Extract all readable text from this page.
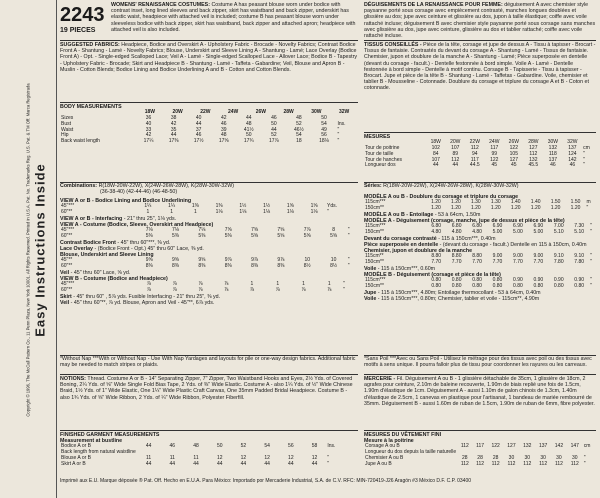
Copyright © 1996, The McCall Pattern Co., 11 Penn Plaza, New York 10001. All Rights Reserved. Printed in U.S.A. Pat. No. Trademarks Reg. U.S. Pat. & TM Off. Marca Registrada Easy Instructions Inside
2243
19 PIECES
WOMENS' RENAISSANCE COSTUMES: Costume A has peasant blouse worn under bodice with contrast inset, long lined sleeves and back zipper, skirt has waistband and back zipper, underskirt has elastic waist, headpiece with attached veil is included; costume B has peasant blouse worn under sleeveless bodice with back zipper, skirt has waistband, back zipper and attached apron; headpiece with attached veil is also included.
SUGGESTED FABRICS: Headpiece, Bodice and Overskirt A - Upholstery Fabric - Brocade - Novelty Fabrics; Contrast Bodice Front A - Shantung - Lamé - Novelty Fabrics; Blouse, Underskirt and Sleeve Lining A - Shantung - Lamé; Lace Overlay (Bodice Front A) - Opt. - Single-edged Scalloped Lace; Veil A - Lamé - Single-edged Scalloped Lace - Allover Lace; Bodice B - Tapestry - Upholstery Fabric - Brocade; Skirt and Headpiece B - Shantung - Lamé - Taffeta - Gabardine; Veil, Blouse and Apron B - Muslin - Cotton Blends; Bodice Lining and Bodice Underlining A and B - Cotton and Cotton Blends.
BODY MEASUREMENTS
	18W	20W	22W	24W	26W	28W	30W	32W
Sizes	36	38	40	42	44	46	48	50	
Bust	40	42	44	46	48	50	52	54	Ins.
Waist	33	35	37	39	41½	44	46½	49	"
Hip	42	44	46	48	50	52	54	56	"
Back waist length	17¼	17⅜	17½	17⅝	17¾	17⅞	18	18⅛	"
Combinations: R(18W-20W-22W), X(24W-26W-28W), K(28W-30W-32W)
(36-38-40) (42-44-46) (46-48-50)
VIEW A or B - Bodice Lining and Bodice Underlining
45"***	1¼	1¼	1⅜	1⅜	1½	1½	1⅝	1⅝	Yds.
60"**	1	1	1	1⅛	1⅛	1⅛	1⅛	1⅛	"
VIEW A or B - Interfacing - 21" thru 25", 1⅛ yds.
VIEW A - Costume (Bodice, Sleeve, Overskirt and Headpiece)
45"***	7⅛	7⅛	7⅛	7⅝	7⅝	7⅝	7⅞	8	"
60"**	5⅜	5⅜	5⅜	5⅜	5⅝	5⅝	5⅝	5⅝	"
Contrast Bodice Front - 45" thru 60"***, ⅜ yd.
Lace Overlay - (Bodice Front - Opt.) 45" thru 60" Lace, ⅜ yd.
Blouse, Underskirt and Sleeve Lining
45"**	9⅝	9⅝	9⅝	9⅞	9⅞	9⅞	10	10	"
60"**	8⅜	8⅜	8⅜	8⅜	8⅜	8⅜	8½	8½	"
Veil - 45" thru 60" Lace, ⅝ yd.
VIEW B - Costume (Bodice and Headpiece)
45"***	⅞	⅞	⅞	⅞	1	1	1	1	"
60"**	⅞	⅞	⅞	⅞	⅞	⅞	⅞	⅞	"
Skirt - 45" thru 60" , 5⅞ yds. Fusible Interfacing - 21" thru 25", ⅜ yd.
Veil - 45" thru 60"**, ⅞ yd. Blouse, Apron and Veil - 45"**, 6⅞ yds.
*Without Nap ***With or Without Nap - Use With Nap Yardages and layouts for pile or one-way design fabrics. Additional fabric may be needed to match stripes or plaids.
NOTIONS: Thread. Costume A or B - 14" Separating Zipper, 7" Zipper, Two Waistband Hooks and Eyes, 2½ Yds. of Covered Boning, 2¼ Yds. of ⅝" Wide Single Fold Bias Tape, 2 Yds. of ⅜" Wide Elastic. Costume A - also 1¼ Yds. of ½" Wide Chinese Braid, 1½ Yds. of 1" Wide Elastic, One 1¼" Wide Plastic Craft Canvas, One 35mm Padded Bridal Headpiece. Costume B - also 1¾ Yds. of ⅝" Wide Ribbon, 2 Yds. of ¼" Wide Ribbon, Polyester Fiberfill.
FINISHED GARMENT MEASUREMENTS
Measurement at bustline
Bodice A or B	44	46	48	50	52	54	56	58	Ins.
Back length from natural waistline									
Blouse A or B	11	11	11	12	12	12	12	12	"
Skirt A or B	44	44	44	44	44	44	44	44	"
DÉGUISEMENTS DE LA RENAISSANCE POUR FEMME: déguisement A avec chemisier style paysanne porté sous corsage avec empiècement contrasté, manches longues doublées et glissière au dos; jupe avec ceinture et glissière au dos, jupon à taille élastique; coiffe avec voile rattaché incluse; déguisement B avec chemisier style paysanne porté sous corsage sans manches avec glissière au dos, jupe avec ceinture, glissière au dos et tablier rattaché; coiffe avec voile rattaché incluse.
TISSUS CONSEILLÉS - Pièce de la tête, corsage et jupe de dessus A - Tissu à tapisser - Brocart - Tissus de fantaisie. Contrastés du devant du corsage A - Shantung - Lamé - Tissus de fantaisie. Chemisier, jupon et doublure de la manche A - Shantung - Lamé; Pièce superposée en dentelle (devant du corsage - facult.) - Dentelle festonnée à bord simple. Voile A - Lamé - Dentelle festonnée à bord simple - Dentelle à motif continu. Corsage B - Tapisserie - Tissu à tapisser - Brocart. Jupe et pièce de la tête B - Shantung - Lamé - Taffetas - Gabardine. Voile, chemisier et tablier B - Mousseline - Cotonnade. Doublure du corsage et triplure du corsage A et B - Coton et cotonnade.
MESURES
	18W	20W	22W	24W	26W	28W	30W	32W	
Tour de poitrine	102	107	112	117	122	127	132	137	cm
Tour de taille	84	89	94	99	105	112	118	124	"
Tour de hanches	107	112	117	122	127	132	137	142	"
Longueur dos	44	44	44.5	45	45	45.5	46	46	"
Séries: R(18W-20W-22W), X(24W-26W-28W), K(28W-30W-32W)
MODÈLE A ou B - Doublure du corsage et triplure du corsage
115cm***	1.20	1.20	1.30	1.30	1.40	1.40	1.50	1.50	m
150cm**	1.20	1.20	1.20	1.20	1.20	1.20	1.20	1.20	"
MODÈLE A ou B - Entoilage - 53 à 64cm, 1.50m
MODÈLE A - Déguisement (corsage, manche, jupe de dessus et pièce de la tête)
115cm***	6.80	6.80	6.80	6.90	6.90	6.90	7.00	7.30	"
150cm**	4.80	4.80	4.80	5.00	5.00	5.00	5.10	5.10	"
Devant du corsage contrasté - 115 à 150cm***, 0.40m
Pièce superposée en dentelle - (devant du corsage - facult.) Dentelle en 115 à 150cm, 0.40m
Chemisier, jupon et doublure de la manche
115cm**	8.80	8.80	8.80	9.00	9.00	9.00	9.10	9.10	"
150cm**	7.70	7.70	7.70	7.70	7.70	7.70	7.80	7.80	"
Voile - 115 à 150cm***, 0.60m
MODÈLE B - Déguisement (corsage et pièce de la tête)
115cm***	0.80	0.80	0.80	0.80	0.90	0.90	0.90	0.90	"
150cm**	0.80	0.80	0.80	0.80	0.80	0.80	0.80	0.80	"
Jupe - 115 à 150cm***, 4.80m; Entoilage thermocollant - 53 à 64cm, 0.40m
Voile - 115 à 150cm***, 0.80m; Chemisier, tablier et voile - 115cm**, 4.90m
*Sans Poil ***Avec ou Sans Poil - Utilisez le métrage pour des tissus avec poil ou des tissus avec motifs à sens unique. Il pourra falloir plus de tissu pour coordonner les rayures ou les carreaux.
MERCERIE - Fil. Déguisement A ou B - 1 glissière détachable de 35cm, 1 glissière de 18cm, 2 agrafes pour ceinture, 2.10m de baleine recouverte, 1.90m de biais replié une fois de 1.5cm, 1.90m d'élastique de 1cm. Déguisement A - aussi 1.10m de galon chinois de 1.3cm, 1.40m d'élastique de 2.5cm, 1 canevas en plastique pour l'artisanat, 1 bandeau de mariée rembourré de 35mm. Déguisement B - aussi 1.60m de ruban de 1.5cm, 1.90m de ruban de 6mm, fibre polyester.
MESURES DU VÊTEMENT FINI
Mesure à la poitrine
Corsage A ou B	112	117	122	127	132	137	142	147	cm
Longueur du dos depuis la taille naturelle									
Chemisier A ou B	28	28	28	30	30	30	30	30	"
Jupe A ou B	112	112	112	112	112	112	112	112	"
Imprimé aux É.U. Marque déposée ® Pat. Off. Hecho en E.U.A. Para México: Importado por Mercaderie Industrial, S.A. de C.V. RFC: MIN-720419-J26 Aragón #3 México D.F. C.P. 03400
